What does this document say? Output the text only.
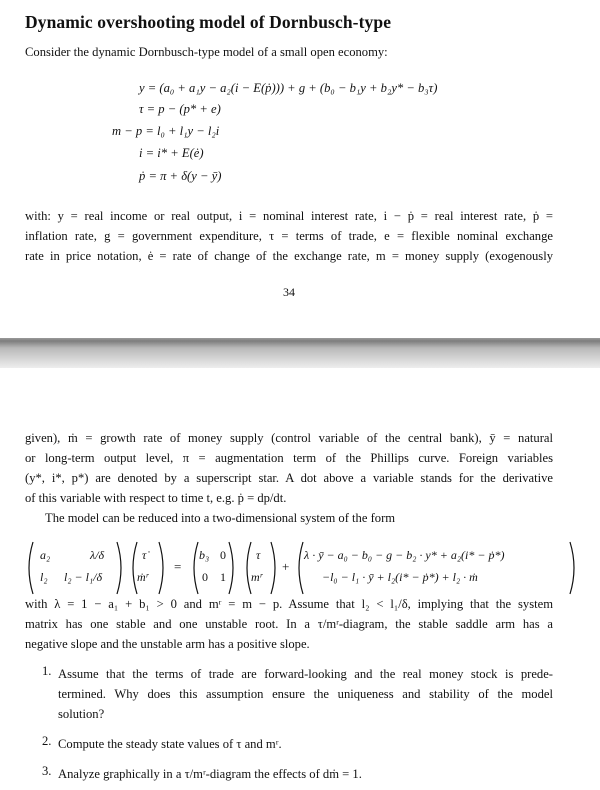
Dynamic overshooting model of Dornbusch-type

Consider the dynamic Dornbusch-type model of a small open economy:

y = (a₀ + a₁y − a₂(i − E(ṗ))) + g + (b₀ − b₁y + b₂y* − b₃τ)
τ = p − (p* + e)
m − p = l₀ + l₁y − l₂i
i = i* + E(ė)
ṗ = π + δ(y − ȳ)

with: y = real income or real output, i = nominal interest rate, i − ṗ = real interest rate, ṗ =

inflation rate, g = government expenditure, τ = terms of trade, e = flexible nominal exchange

rate in price notation, ė = rate of change of the exchange rate, m = money supply (exogenously

34

given), ṁ = growth rate of money supply (control variable of the central bank), ȳ = natural

or long-term output level, π = augmentation term of the Phillips curve. Foreign variables

(y*, i*, p*) are denoted by a superscript star. A dot above a variable stands for the derivative

of this variable with respect to time t, e.g. ṗ = dp/dt.

The model can be reduced into a two-dimensional system of the form

a₂	λ/δ
l₂ l₂ − l₁/δ
τ̇
ṁʳ
=
b₃ 0
0 1
τ
mʳ
+
λ · ȳ − a₀ − b₀ − g − b₂ · y* + a₂(i* − ṗ*)
−l₀ − l₁ · ȳ + l₂(i* − ṗ*) + l₂ · ṁ

with λ = 1 − a₁ + b₁ > 0 and mʳ = m − p. Assume that l₂ < l₁/δ, implying that the system

matrix has one stable and one unstable root. In a τ/mʳ-diagram, the stable saddle arm has a

negative slope and the unstable arm has a positive slope.

1. Assume that the terms of trade are forward-looking and the real money stock is prede-

termined. Why does this assumption ensure the uniqueness and stability of the model

solution?

2. Compute the steady state values of τ and mʳ.

3. Analyze graphically in a τ/mʳ-diagram the effects of dṁ = 1.
